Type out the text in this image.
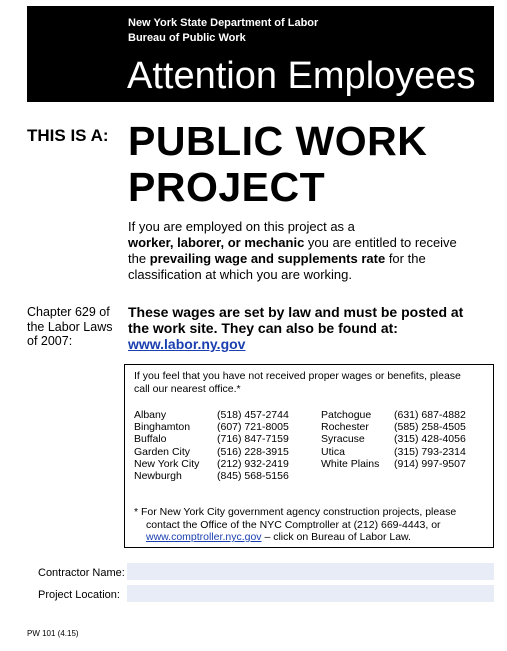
New York State Department of Labor
Bureau of Public Work
Attention Employees
THIS IS A: PUBLIC WORK
PROJECT
If you are employed on this project as a
worker, laborer, or mechanic you are entitled to receive the prevailing wage and supplements rate for the classification at which you are working.
Chapter 629 of the Labor Laws of 2007:
These wages are set by law and must be posted at the work site. They can also be found at:
www.labor.ny.gov
If you feel that you have not received proper wages or benefits, please call our nearest office.*
Albany
Binghamton
Buffalo
Garden City
New York City
Newburgh
(518) 457-2744
(607) 721-8005
(716) 847-7159
(516) 228-3915
(212) 932-2419
(845) 568-5156
Patchogue
Rochester
Syracuse
Utica
White Plains
(631) 687-4882
(585) 258-4505
(315) 428-4056
(315) 793-2314
(914) 997-9507
* For New York City government agency construction projects, please
contact the Office of the NYC Comptroller at (212) 669-4443, or
www.comptroller.nyc.gov – click on Bureau of Labor Law.
Contractor Name:
Project Location:
PW 101 (4.15)
